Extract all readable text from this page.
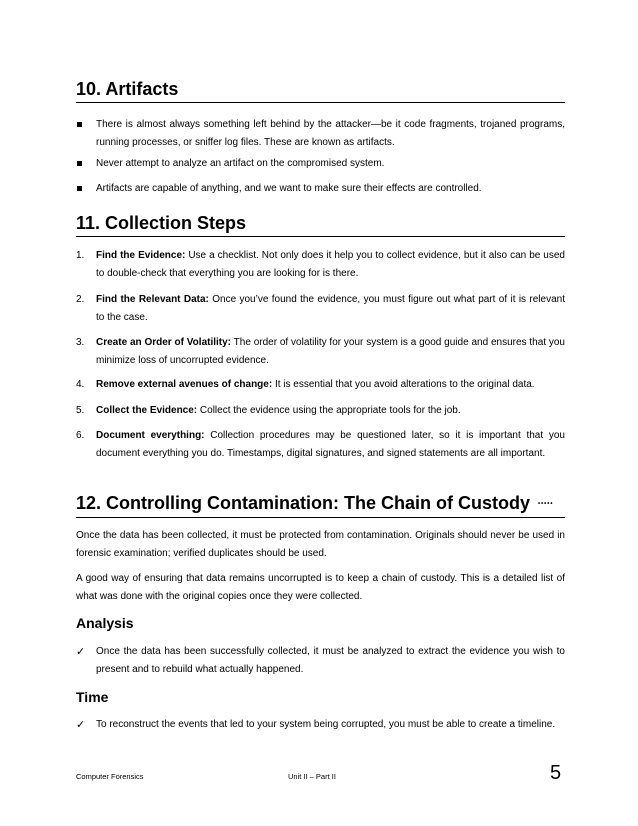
10. Artifacts
There is almost always something left behind by the attacker—be it code fragments, trojaned programs, running processes, or sniffer log files. These are known as artifacts.
Never attempt to analyze an artifact on the compromised system.
Artifacts are capable of anything, and we want to make sure their effects are controlled.
11. Collection Steps
1.	Find the Evidence: Use a checklist. Not only does it help you to collect evidence, but it also can be used to double-check that everything you are looking for is there.
2.	Find the Relevant Data: Once you’ve found the evidence, you must figure out what part of it is relevant to the case.
3.	Create an Order of Volatility: The order of volatility for your system is a good guide and ensures that you minimize loss of uncorrupted evidence.
4.	Remove external avenues of change: It is essential that you avoid alterations to the original data.
5.	Collect the Evidence: Collect the evidence using the appropriate tools for the job.
6.	Document everything: Collection procedures may be questioned later, so it is important that you document everything you do. Timestamps, digital signatures, and signed statements are all important.
12. Controlling Contamination: The Chain of Custody •••••
Once the data has been collected, it must be protected from contamination. Originals should never be used in forensic examination; verified duplicates should be used.
A good way of ensuring that data remains uncorrupted is to keep a chain of custody. This is a detailed list of what was done with the original copies once they were collected.
Analysis
✓	Once the data has been successfully collected, it must be analyzed to extract the evidence you wish to present and to rebuild what actually happened.
Time
✓	To reconstruct the events that led to your system being corrupted, you must be able to create a timeline.
Computer Forensics	Unit II – Part II	5
